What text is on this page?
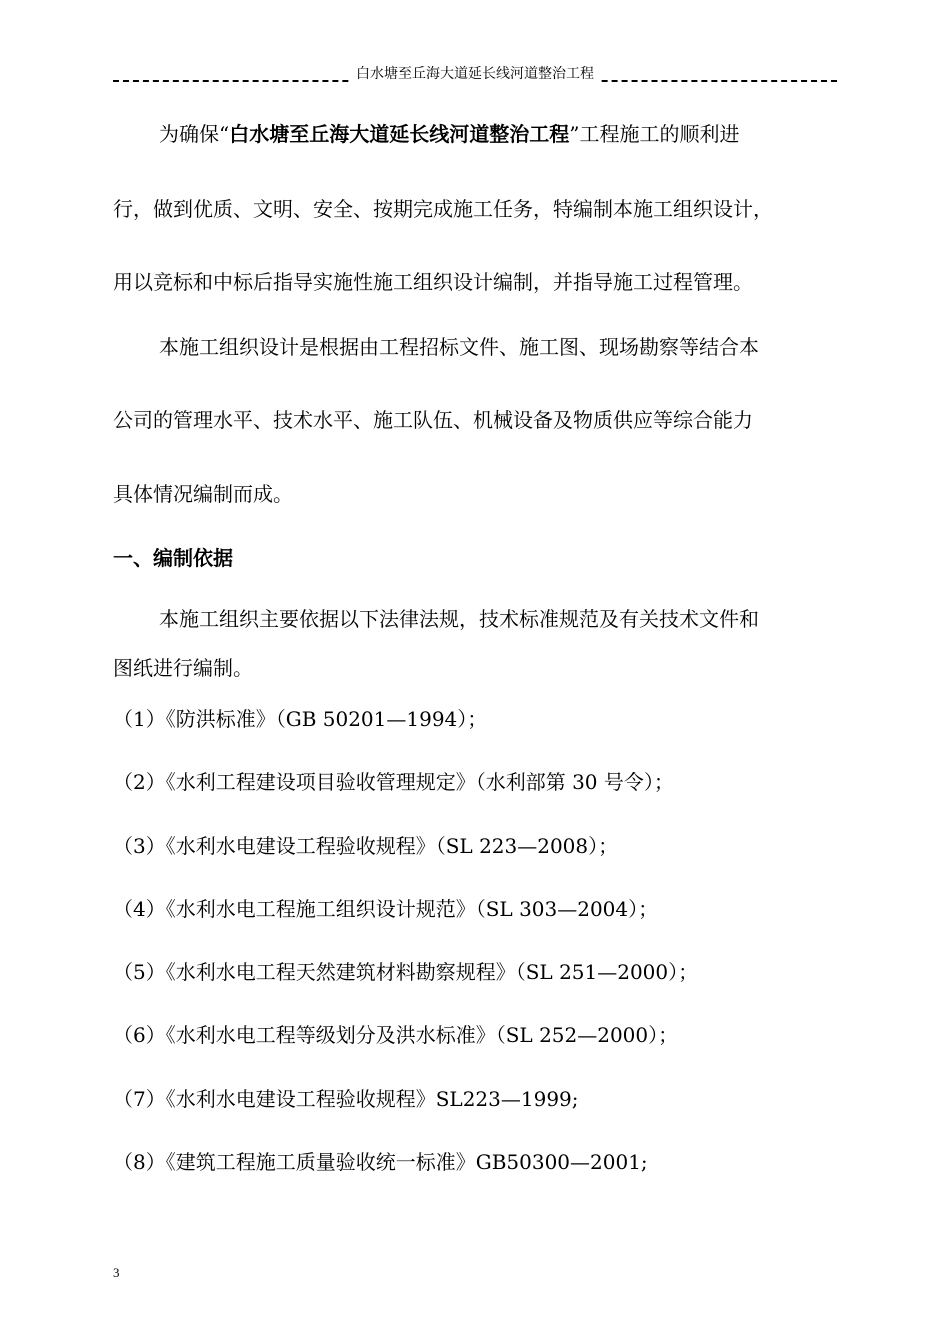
白水塘至丘海大道延长线河道整治工程
为确保“白水塘至丘海大道延长线河道整治工程”工程施工的顺利进
行，做到优质、文明、安全、按期完成施工任务，特编制本施工组织设计，
用以竞标和中标后指导实施性施工组织设计编制，并指导施工过程管理。
本施工组织设计是根据由工程招标文件、施工图、现场勘察等结合本
公司的管理水平、技术水平、施工队伍、机械设备及物质供应等综合能力
具体情况编制而成。
一、编制依据
本施工组织主要依据以下法律法规，技术标准规范及有关技术文件和
图纸进行编制。
（1）《防洪标准》（GB 50201—1994）；
（2）《水利工程建设项目验收管理规定》（水利部第 30 号令）；
（3）《水利水电建设工程验收规程》（SL 223—2008）；
（4）《水利水电工程施工组织设计规范》（SL 303—2004）；
（5）《水利水电工程天然建筑材料勘察规程》（SL 251—2000）；
（6）《水利水电工程等级划分及洪水标准》（SL 252—2000）；
（7）《水利水电建设工程验收规程》SL223—1999;
（8）《建筑工程施工质量验收统一标准》GB50300—2001;
3
